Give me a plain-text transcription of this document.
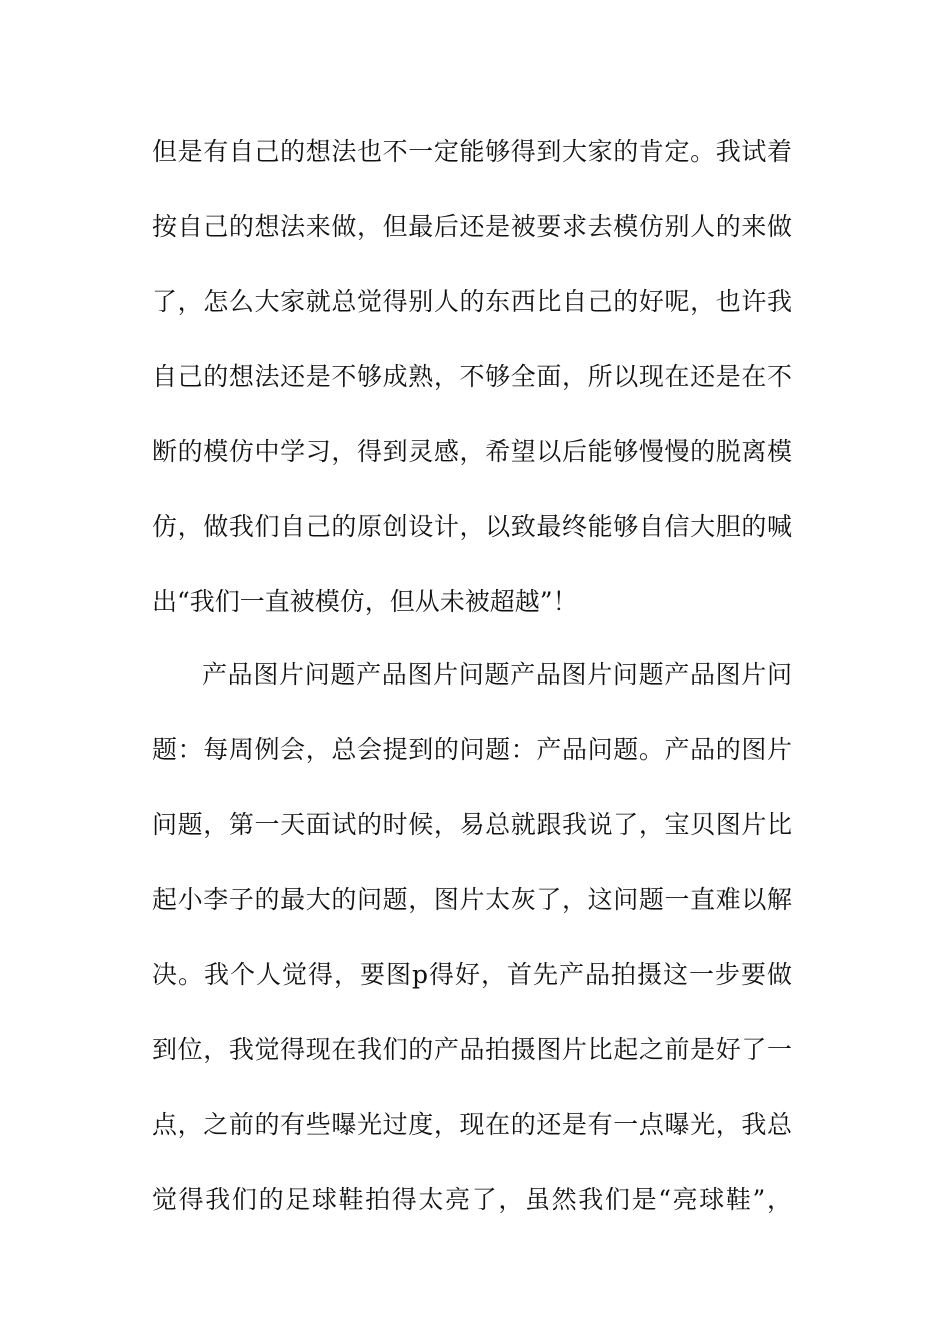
但是有自己的想法也不一定能够得到大家的肯定。我试着
按自己的想法来做，但最后还是被要求去模仿别人的来做
了，怎么大家就总觉得别人的东西比自己的好呢，也许我
自己的想法还是不够成熟，不够全面，所以现在还是在不
断的模仿中学习，得到灵感，希望以后能够慢慢的脱离模
仿，做我们自己的原创设计，以致最终能够自信大胆的喊
出“我们一直被模仿，但从未被超越”！
产品图片问题产品图片问题产品图片问题产品图片问
题：每周例会，总会提到的问题：产品问题。产品的图片
问题，第一天面试的时候，易总就跟我说了，宝贝图片比
起小李子的最大的问题，图片太灰了，这问题一直难以解
决。我个人觉得，要图p得好，首先产品拍摄这一步要做
到位，我觉得现在我们的产品拍摄图片比起之前是好了一
点，之前的有些曝光过度，现在的还是有一点曝光，我总
觉得我们的足球鞋拍得太亮了，虽然我们是“亮球鞋”，
